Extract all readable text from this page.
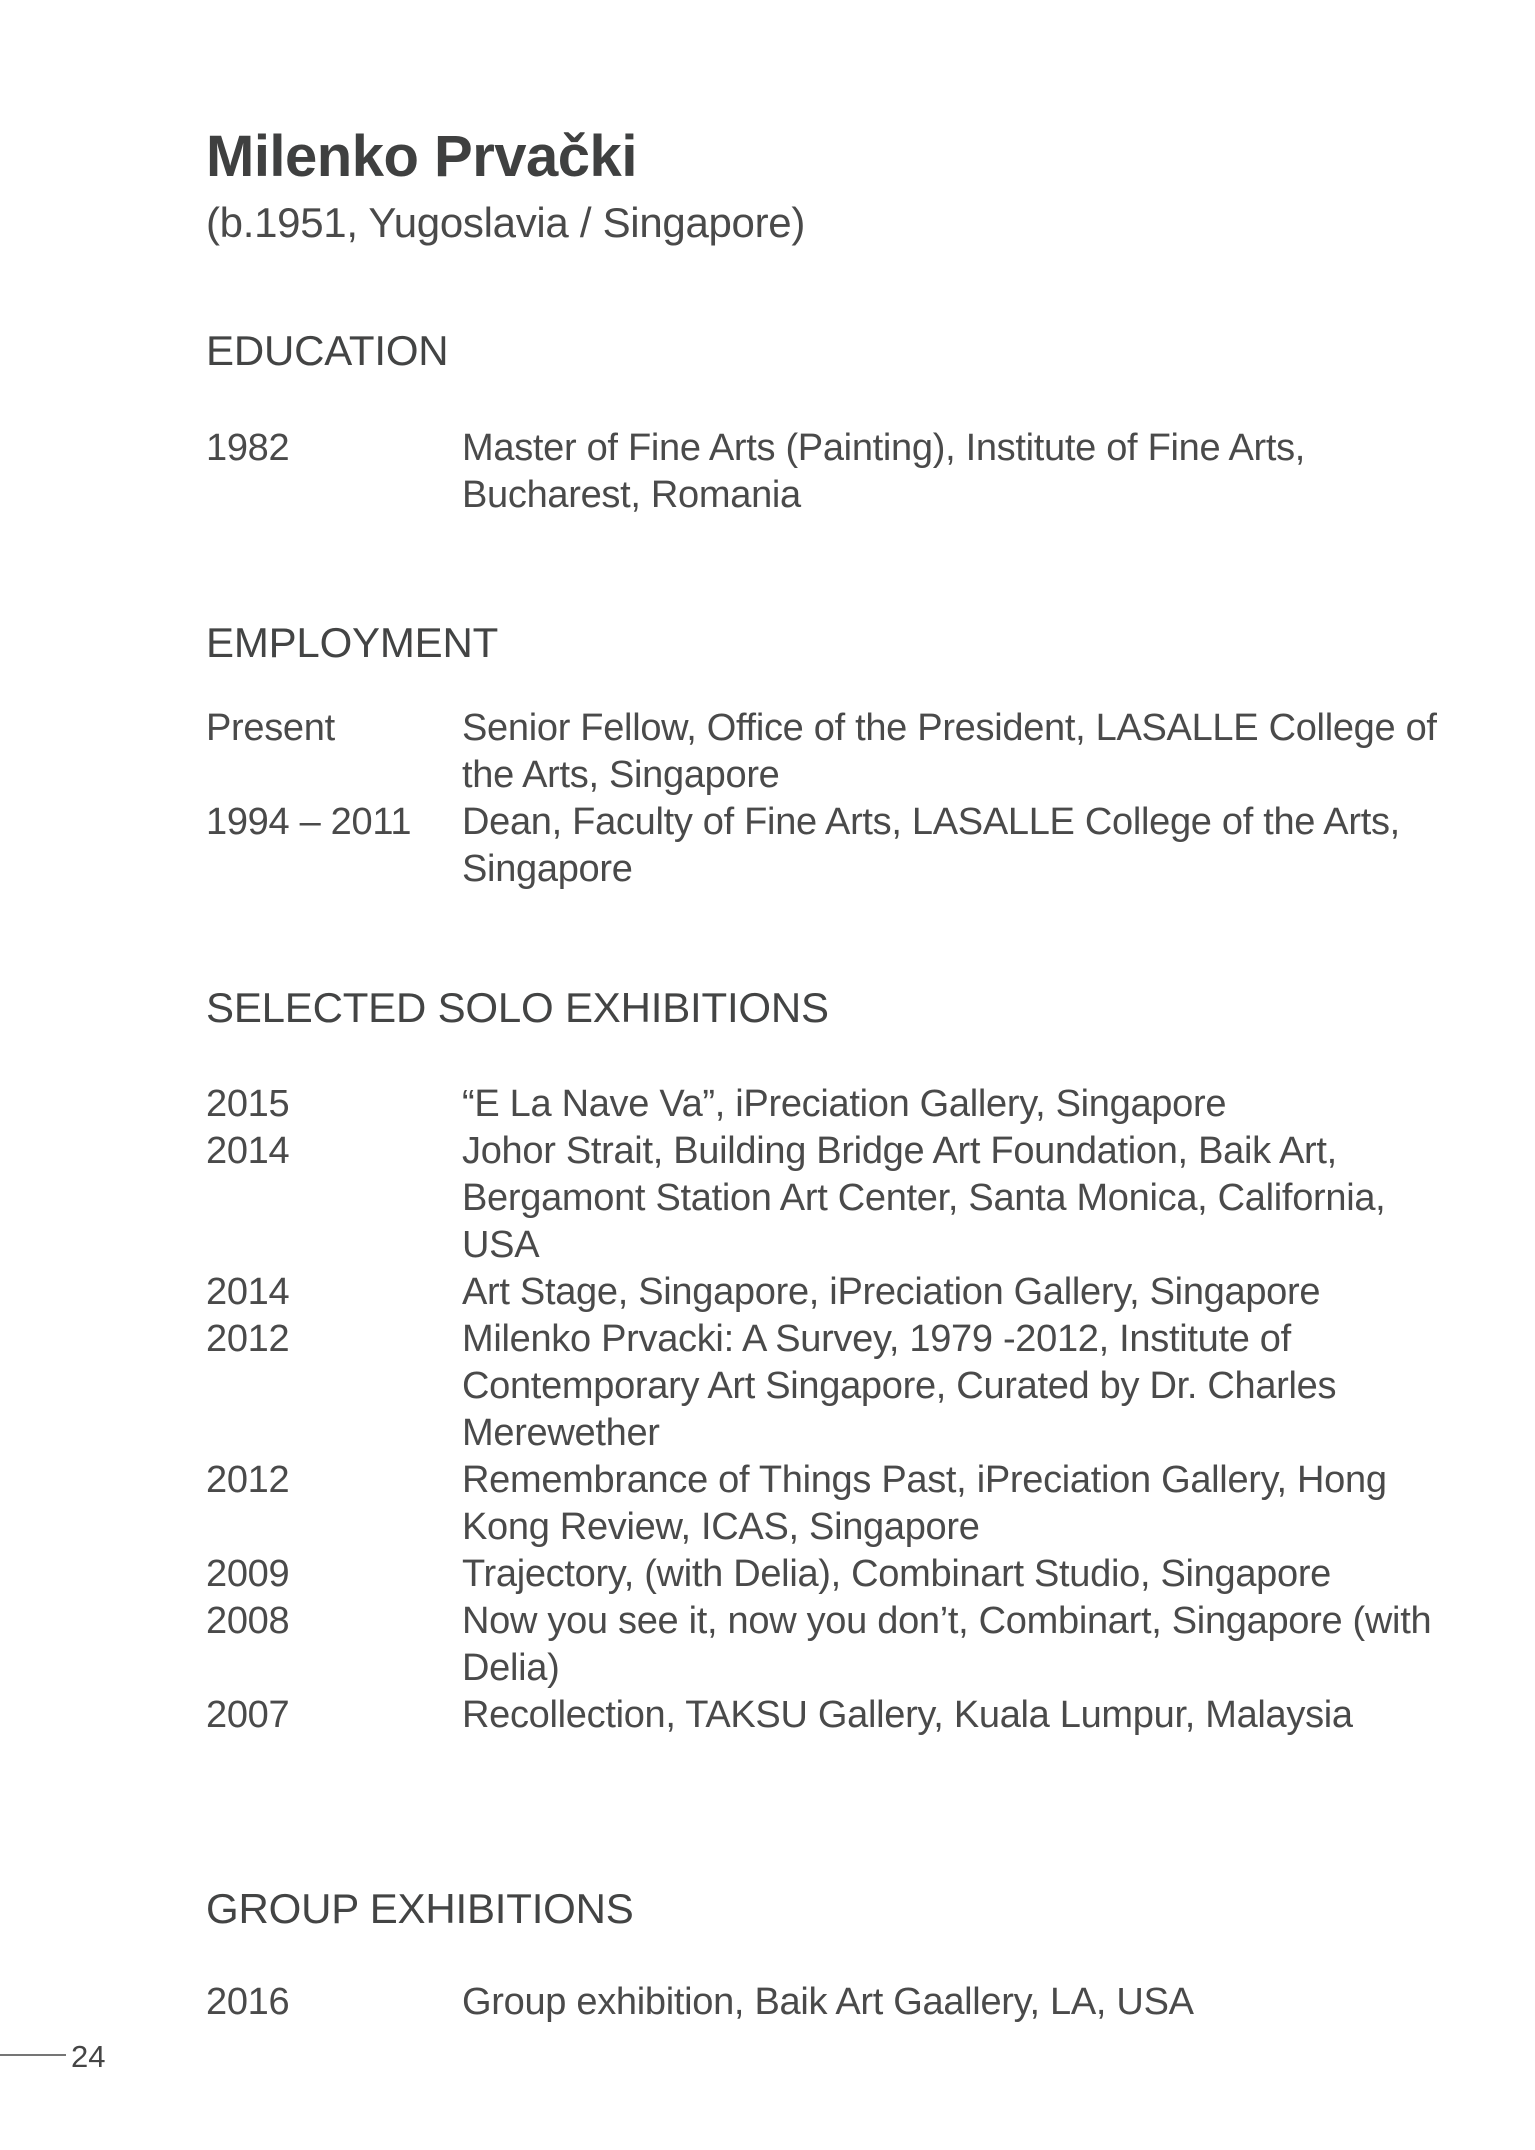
Milenko Prvački
(b.1951, Yugoslavia / Singapore)
EDUCATION
1982	Master of Fine Arts (Painting), Institute of Fine Arts,
Bucharest, Romania
EMPLOYMENT
Present	Senior Fellow, Office of the President, LASALLE College of
the Arts, Singapore
1994 – 2011	Dean, Faculty of Fine Arts, LASALLE College of the Arts,
Singapore
SELECTED SOLO EXHIBITIONS
2015	“E La Nave Va”, iPreciation Gallery, Singapore
2014	Johor Strait, Building Bridge Art Foundation, Baik Art,
Bergamont Station Art Center, Santa Monica, California,
USA
2014	Art Stage, Singapore, iPreciation Gallery, Singapore
2012	Milenko Prvacki: A Survey, 1979 -2012, Institute of
Contemporary Art Singapore, Curated by Dr. Charles
Merewether
2012	Remembrance of Things Past, iPreciation Gallery, Hong
Kong Review, ICAS, Singapore
2009	Trajectory, (with Delia), Combinart Studio, Singapore
2008	Now you see it, now you don’t, Combinart, Singapore (with
Delia)
2007	Recollection, TAKSU Gallery, Kuala Lumpur, Malaysia
GROUP EXHIBITIONS
2016	Group exhibition, Baik Art Gaallery, LA, USA
24
